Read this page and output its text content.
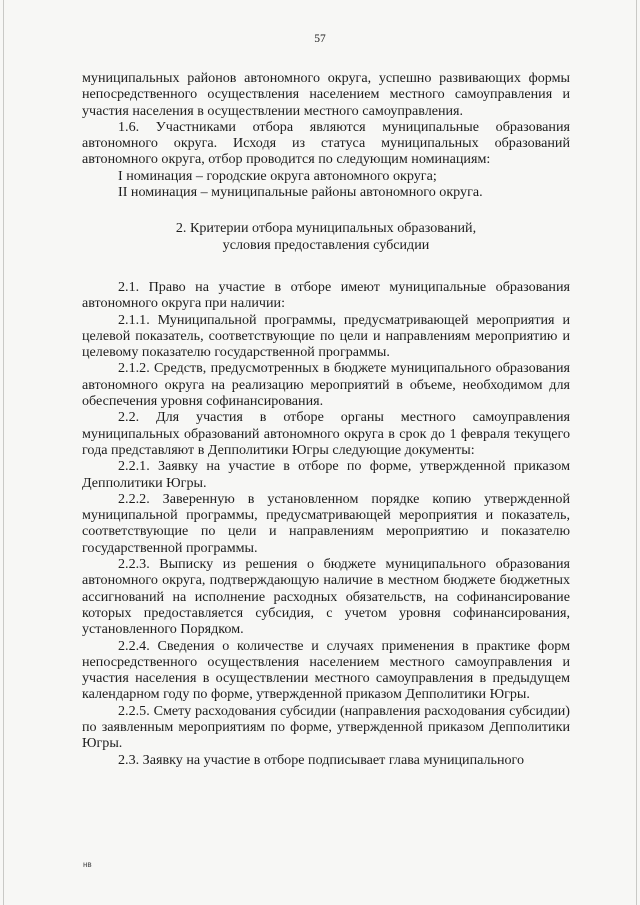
57

муниципальных районов автономного округа, успешно развивающих формы непосредственного осуществления населением местного самоуправления и участия населения в осуществлении местного самоуправления.

1.6. Участниками отбора являются муниципальные образования автономного округа. Исходя из статуса муниципальных образований автономного округа, отбор проводится по следующим номинациям:

I номинация – городские округа автономного округа;

II номинация – муниципальные районы автономного округа.

2. Критерии отбора муниципальных образований,
условия предоставления субсидии

2.1. Право на участие в отборе имеют муниципальные образования автономного округа при наличии:

2.1.1. Муниципальной программы, предусматривающей мероприятия и целевой показатель, соответствующие по цели и направлениям мероприятию и целевому показателю государственной программы.

2.1.2. Средств, предусмотренных в бюджете муниципального образования автономного округа на реализацию мероприятий в объеме, необходимом для обеспечения уровня софинансирования.

2.2. Для участия в отборе органы местного самоуправления муниципальных образований автономного округа в срок до 1 февраля текущего года представляют в Депполитики Югры следующие документы:

2.2.1. Заявку на участие в отборе по форме, утвержденной приказом Депполитики Югры.

2.2.2. Заверенную в установленном порядке копию утвержденной муниципальной программы, предусматривающей мероприятия и показатель, соответствующие по цели и направлениям мероприятию и показателю государственной программы.

2.2.3. Выписку из решения о бюджете муниципального образования автономного округа, подтверждающую наличие в местном бюджете бюджетных ассигнований на исполнение расходных обязательств, на софинансирование которых предоставляется субсидия, с учетом уровня софинансирования, установленного Порядком.

2.2.4. Сведения о количестве и случаях применения в практике форм непосредственного осуществления населением местного самоуправления и участия населения в осуществлении местного самоуправления в предыдущем календарном году по форме, утвержденной приказом Депполитики Югры.

2.2.5. Смету расходования субсидии (направления расходования субсидии) по заявленным мероприятиям по форме, утвержденной приказом Депполитики Югры.

2.3. Заявку на участие в отборе подписывает глава муниципального

нв
